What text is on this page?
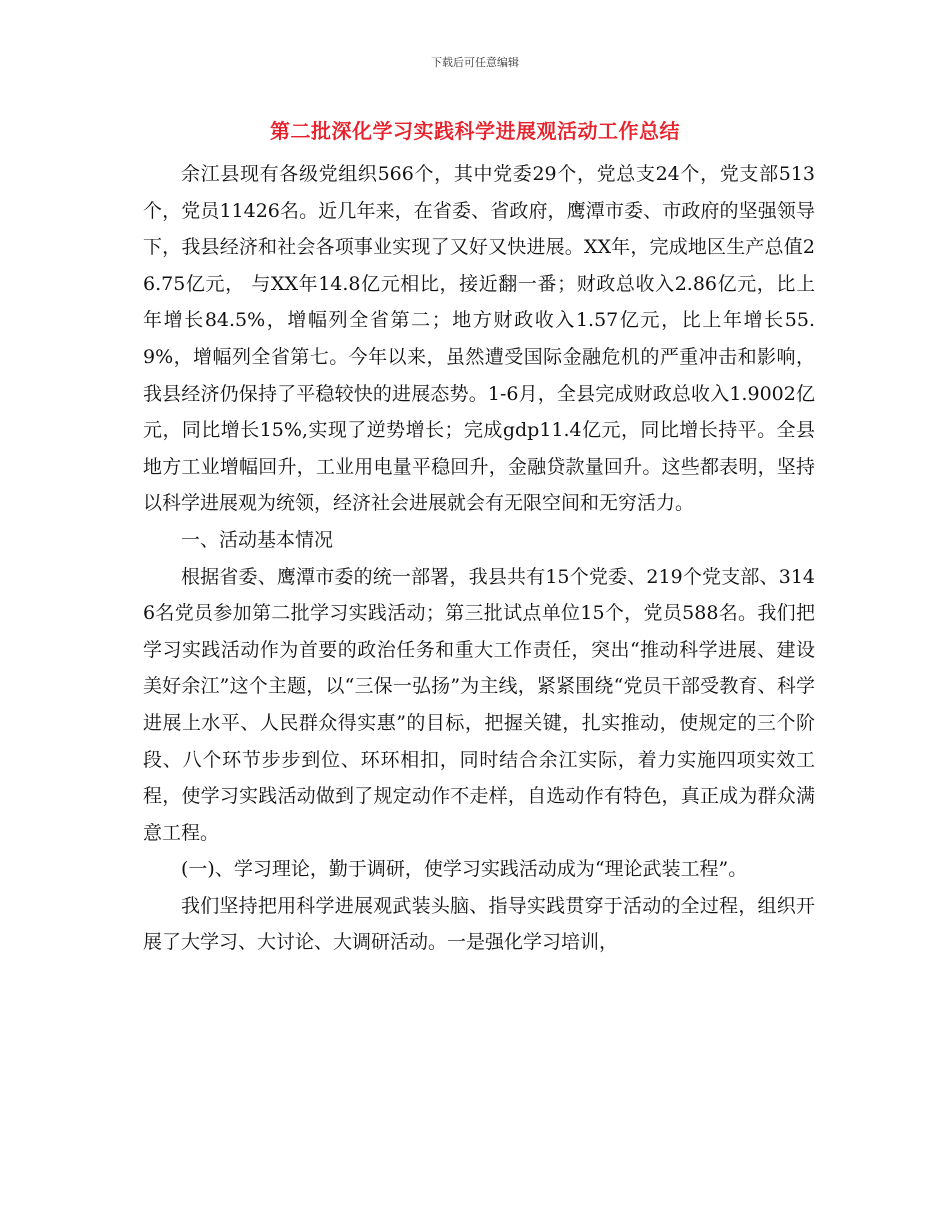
下载后可任意编辑
第二批深化学习实践科学进展观活动工作总结

余江县现有各级党组织566个，其中党委29个，党总支24个，党支部513个，党员11426名。近几年来，在省委、省政府，鹰潭市委、市政府的坚强领导下，我县经济和社会各项事业实现了又好又快进展。XX年，完成地区生产总值26.75亿元， 与XX年14.8亿元相比，接近翻一番；财政总收入2.86亿元，比上年增长84.5%，增幅列全省第二；地方财政收入1.57亿元，比上年增长55.9%，增幅列全省第七。今年以来，虽然遭受国际金融危机的严重冲击和影响，我县经济仍保持了平稳较快的进展态势。1-6月，全县完成财政总收入1.9002亿元，同比增长15%,实现了逆势增长；完成gdp11.4亿元，同比增长持平。全县地方工业增幅回升，工业用电量平稳回升，金融贷款量回升。这些都表明，坚持以科学进展观为统领，经济社会进展就会有无限空间和无穷活力。

一、活动基本情况

根据省委、鹰潭市委的统一部署，我县共有15个党委、219个党支部、3146名党员参加第二批学习实践活动；第三批试点单位15个，党员588名。我们把学习实践活动作为首要的政治任务和重大工作责任，突出“推动科学进展、建设美好余江”这个主题，以“三保一弘扬”为主线，紧紧围绕“党员干部受教育、科学进展上水平、人民群众得实惠”的目标，把握关键，扎实推动，使规定的三个阶段、八个环节步步到位、环环相扣，同时结合余江实际，着力实施四项实效工程，使学习实践活动做到了规定动作不走样，自选动作有特色，真正成为群众满意工程。

(一)、学习理论，勤于调研，使学习实践活动成为“理论武装工程”。

我们坚持把用科学进展观武装头脑、指导实践贯穿于活动的全过程，组织开展了大学习、大讨论、大调研活动。一是强化学习培训，
